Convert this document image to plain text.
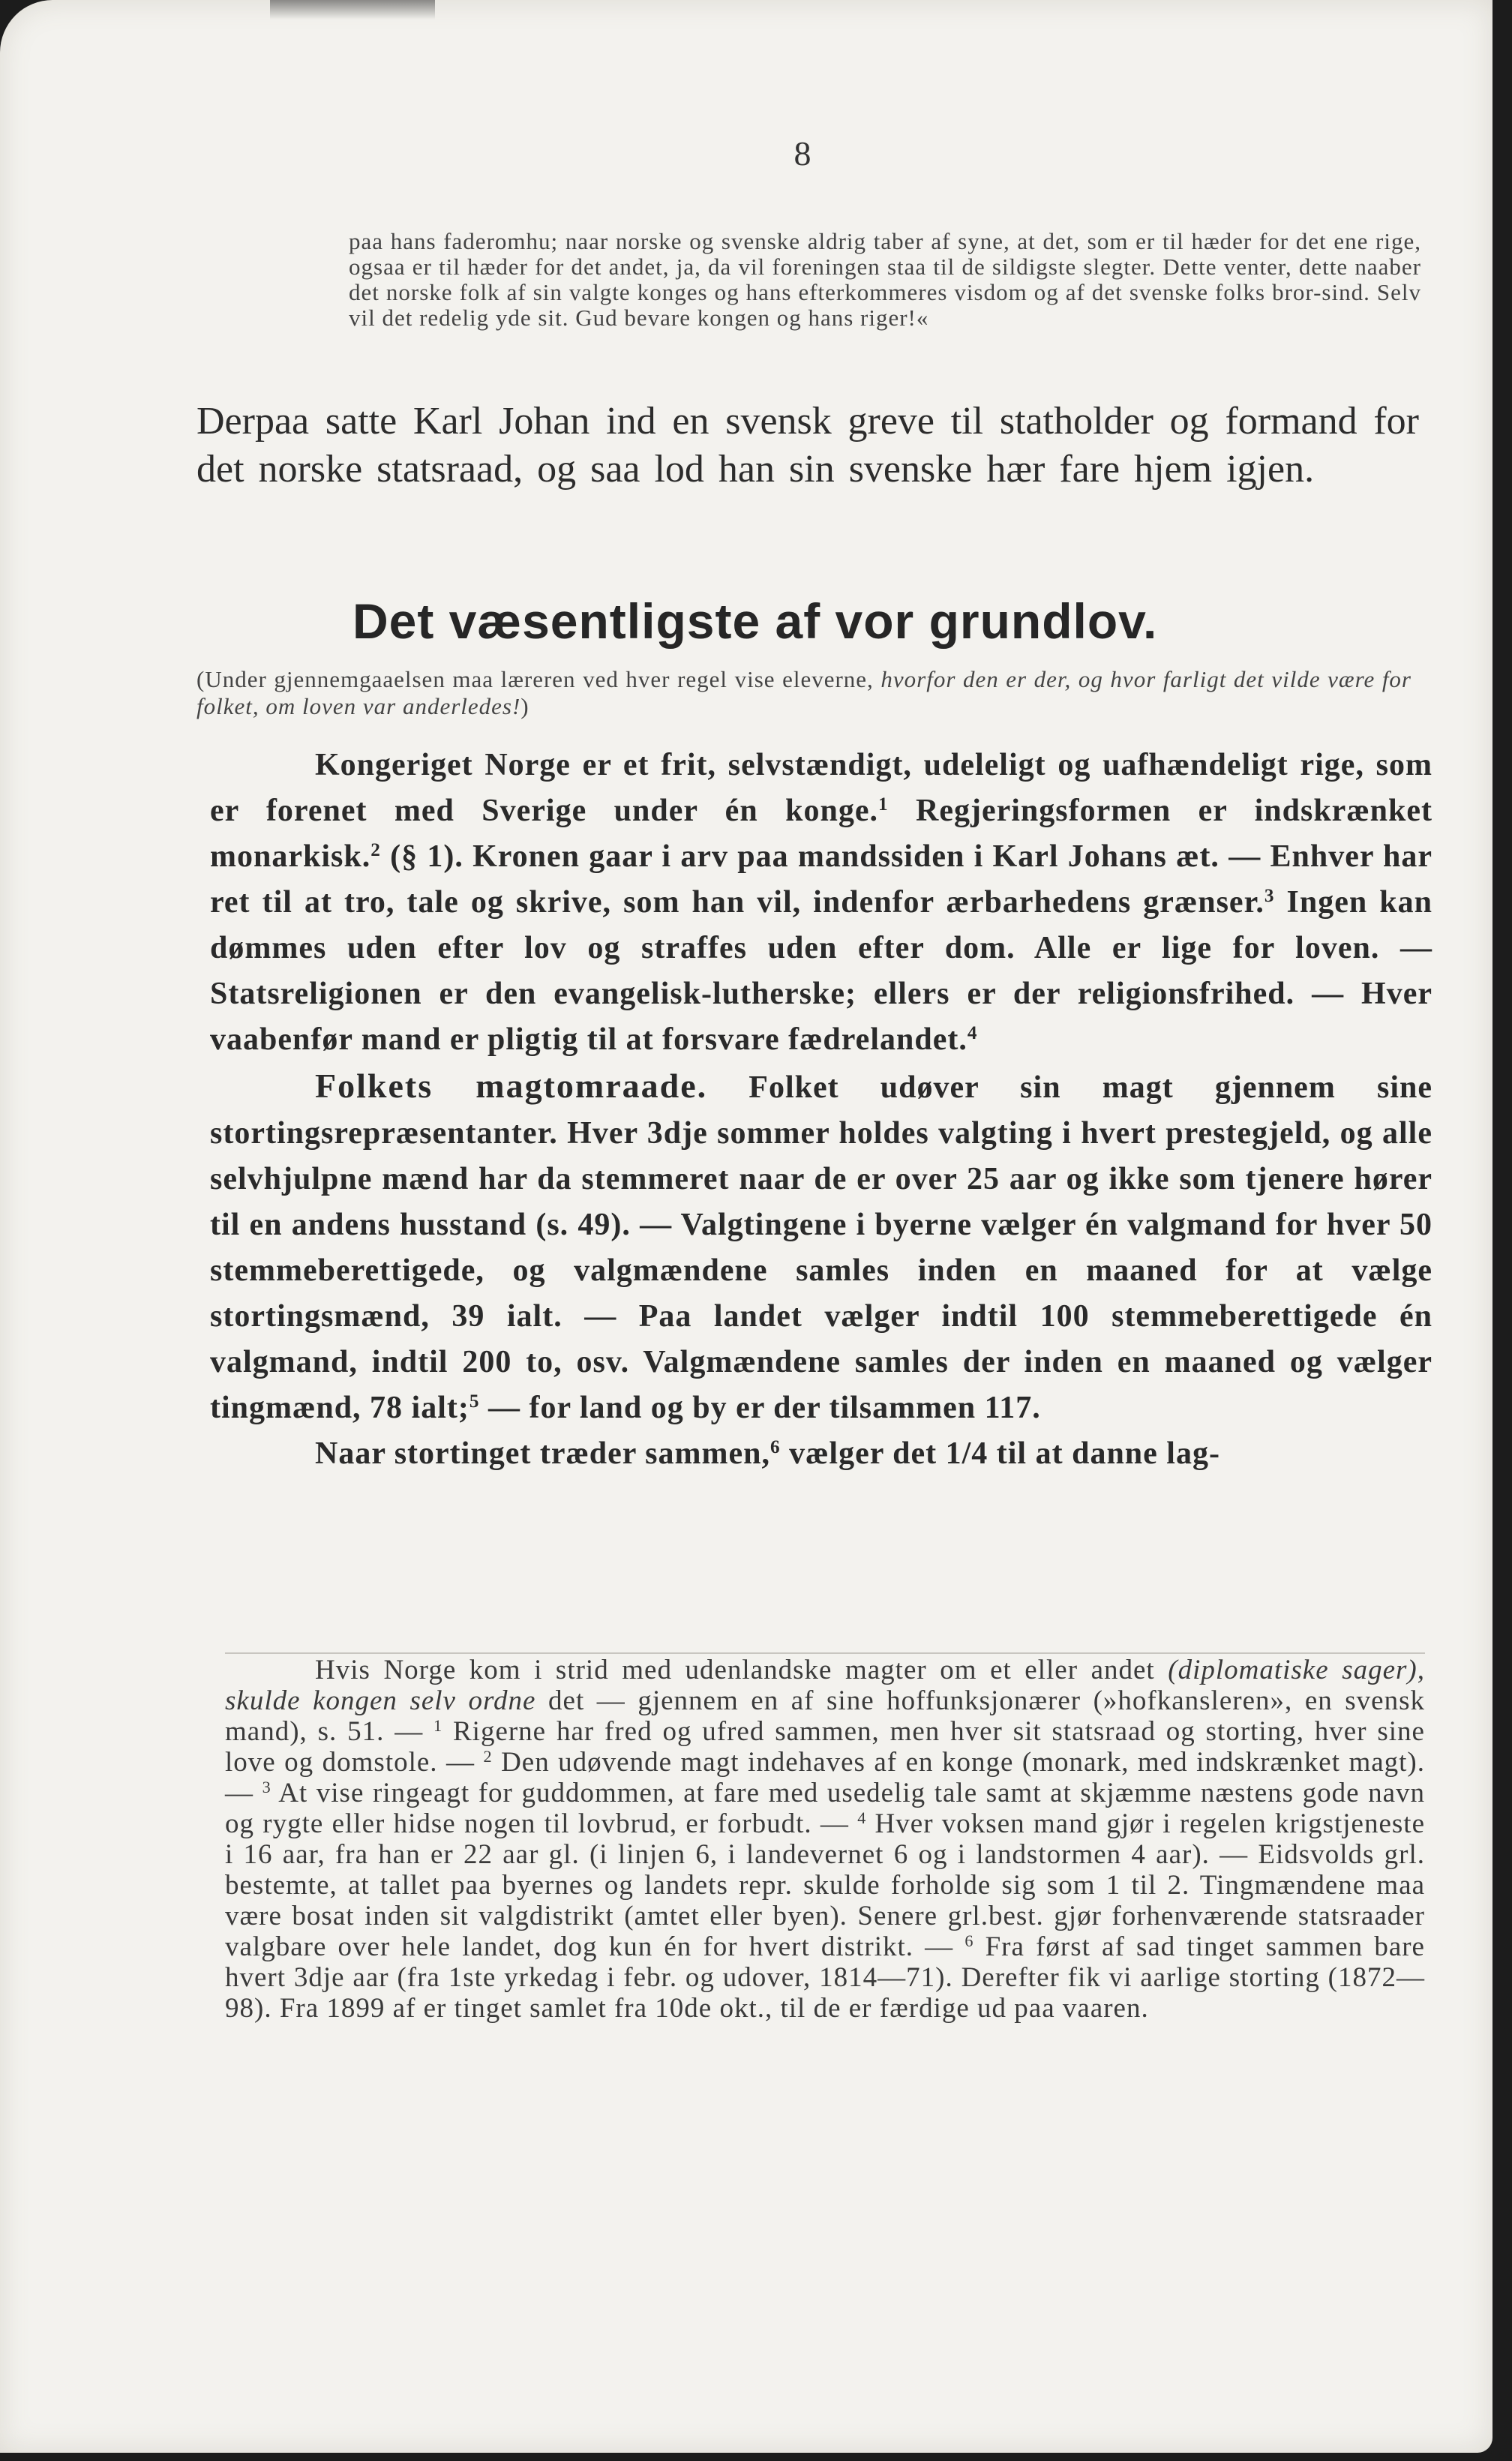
8
paa hans faderomhu; naar norske og svenske aldrig taber af syne, at det, som er til hæder for det ene rige, ogsaa er til hæder for det andet, ja, da vil foreningen staa til de sildigste slegter. Dette venter, dette naaber det norske folk af sin valgte konges og hans efterkommeres visdom og af det svenske folks bror-sind. Selv vil det redelig yde sit. Gud bevare kongen og hans riger!«
Derpaa satte Karl Johan ind en svensk greve til statholder og formand for det norske statsraad, og saa lod han sin svenske hær fare hjem igjen.
Det væsentligste af vor grundlov.
(Under gjennemgaaelsen maa læreren ved hver regel vise eleverne, hvorfor den er der, og hvor farligt det vilde være for folket, om loven var anderledes!)

Kongeriget Norge er et frit, selvstændigt, udeleligt og uafhændeligt rige, som er forenet med Sverige under én konge.$^1$ Regjeringsformen er indskrænket monarkisk.$^2$ (§ 1). Kronen gaar i arv paa mandssiden i Karl Johans æt. — Enhver har ret til at tro, tale og skrive, som han vil, indenfor ærbarhedens grænser.$^3$ Ingen kan dømmes uden efter lov og straffes uden efter dom. Alle er lige for loven. — Statsreligionen er den evangelisk-lutherske; ellers er der religionsfrihed. — Hver vaabenfør mand er pligtig til at forsvare fædrelandet.$^4$

Folkets magtomraade. Folket udøver sin magt gjennem sine stortingsrepræsentanter. Hver 3dje sommer holdes valgting i hvert prestegjeld, og alle selvhjulpne mænd har da stemmeret naar de er over 25 aar og ikke som tjenere hører til en andens husstand (s. 49). — Valgtingene i byerne vælger én valgmand for hver 50 stemmeberettigede, og valgmændene samles inden en maaned for at vælge stortingsmænd, 39 ialt. — Paa landet vælger indtil 100 stemmeberettigede én valgmand, indtil 200 to, osv. Valgmændene samles der inden en maaned og vælger tingmænd, 78 ialt;$^5$ — for land og by er der tilsammen 117.

Naar stortinget træder sammen,$^6$ vælger det 1/4 til at danne lag-

Hvis Norge kom i strid med udenlandske magter om et eller andet (diplomatiske sager), skulde kongen selv ordne det — gjennem en af sine hoffunksjonærer (»hofkansleren», en svensk mand), s. 51. — $^1$ Rigerne har fred og ufred sammen, men hver sit statsraad og storting, hver sine love og domstole. — $^2$ Den udøvende magt indehaves af en konge (monark, med indskrænket magt). — $^3$ At vise ringeagt for guddommen, at fare med usedelig tale samt at skjæmme næstens gode navn og rygte eller hidse nogen til lovbrud, er forbudt. — $^4$ Hver voksen mand gjør i regelen krigstjeneste i 16 aar, fra han er 22 aar gl. (i linjen 6, i landevernet 6 og i landstormen 4 aar). — Eidsvolds grl. bestemte, at tallet paa byernes og landets repr. skulde forholde sig som 1 til 2. Tingmændene maa være bosat inden sit valgdistrikt (amtet eller byen). Senere grl.best. gjør forhenværende statsraader valgbare over hele landet, dog kun én for hvert distrikt. — $^6$ Fra først af sad tinget sammen bare hvert 3dje aar (fra 1ste yrkedag i febr. og udover, 1814—71). Derefter fik vi aarlige storting (1872—98). Fra 1899 af er tinget samlet fra 10de okt., til de er færdige ud paa vaaren.
